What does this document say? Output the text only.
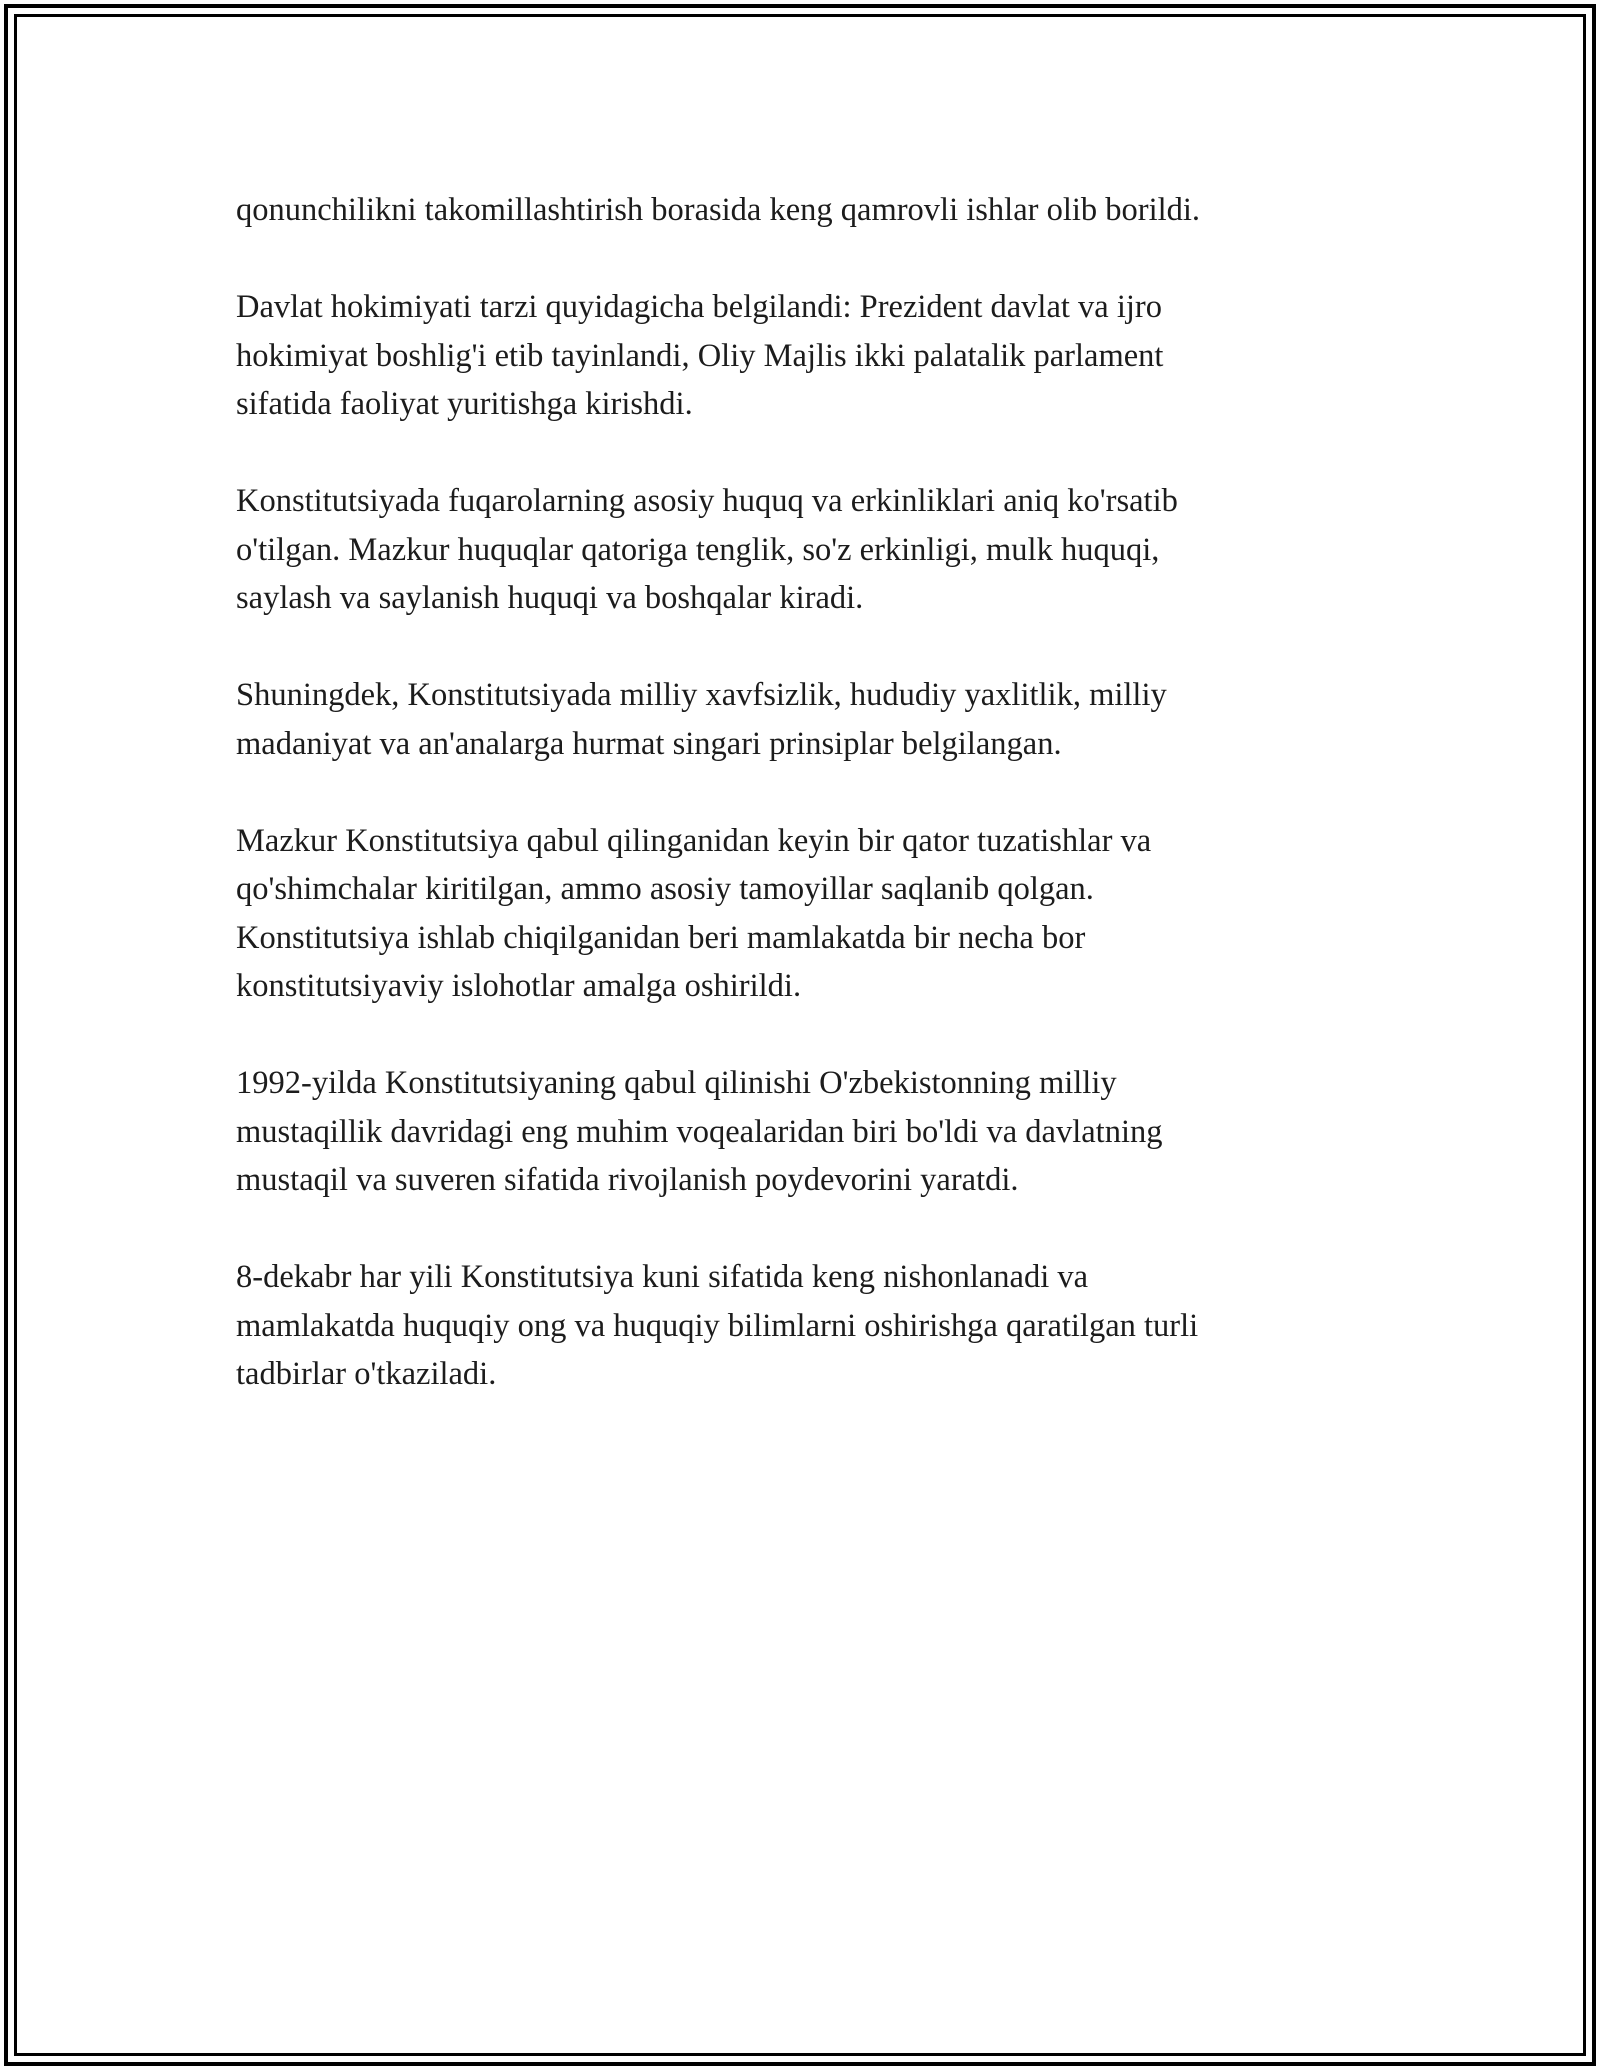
qonunchilikni takomillashtirish borasida keng qamrovli ishlar olib borildi.

Davlat hokimiyati tarzi quyidagicha belgilandi: Prezident davlat va ijro
hokimiyat boshlig'i etib tayinlandi, Oliy Majlis ikki palatalik parlament
sifatida faoliyat yuritishga kirishdi.

Konstitutsiyada fuqarolarning asosiy huquq va erkinliklari aniq ko'rsatib
o'tilgan. Mazkur huquqlar qatoriga tenglik, so'z erkinligi, mulk huquqi,
saylash va saylanish huquqi va boshqalar kiradi.

Shuningdek, Konstitutsiyada milliy xavfsizlik, hududiy yaxlitlik, milliy
madaniyat va an'analarga hurmat singari prinsiplar belgilangan.

Mazkur Konstitutsiya qabul qilinganidan keyin bir qator tuzatishlar va
qo'shimchalar kiritilgan, ammo asosiy tamoyillar saqlanib qolgan.
Konstitutsiya ishlab chiqilganidan beri mamlakatda bir necha bor
konstitutsiyaviy islohotlar amalga oshirildi.

1992-yilda Konstitutsiyaning qabul qilinishi O'zbekistonning milliy
mustaqillik davridagi eng muhim voqealaridan biri bo'ldi va davlatning
mustaqil va suveren sifatida rivojlanish poydevorini yaratdi.

8-dekabr har yili Konstitutsiya kuni sifatida keng nishonlanadi va
mamlakatda huquqiy ong va huquqiy bilimlarni oshirishga qaratilgan turli
tadbirlar o'tkaziladi.
